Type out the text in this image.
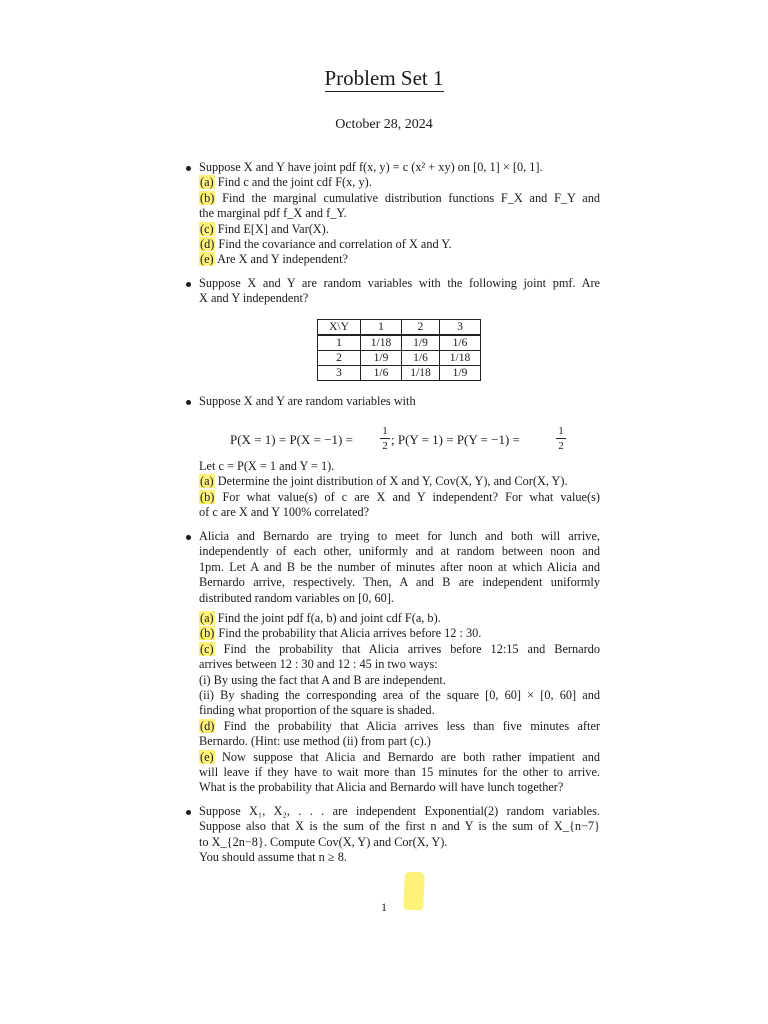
Problem Set 1
October 28, 2024
Suppose X and Y have joint pdf f(x, y) = c (x² + xy) on [0, 1] × [0, 1].
(a) Find c and the joint cdf F(x, y).
(b) Find the marginal cumulative distribution functions F_X and F_Y and
the marginal pdf f_X and f_Y.
(c) Find E[X] and Var(X).
(d) Find the covariance and correlation of X and Y.
(e) Are X and Y independent?
Suppose X and Y are random variables with the following joint pmf. Are
X and Y independent?
X\Y	1	2	3
1	1/18	1/9	1/6
2	1/9	1/6	1/18
3	1/6	1/18	1/9
Suppose X and Y are random variables with
P(X = 1) = P(X = −1) =
1
2 ; P(Y = 1) = P(Y = −1) =
1
2
Let c = P(X = 1 and Y = 1).
(a) Determine the joint distribution of X and Y, Cov(X, Y), and Cor(X, Y).
(b) For what value(s) of c are X and Y independent? For what value(s)
of c are X and Y 100% correlated?
Alicia and Bernardo are trying to meet for lunch and both will arrive,
independently of each other, uniformly and at random between noon and
1pm. Let A and B be the number of minutes after noon at which Alicia and
Bernardo arrive, respectively. Then, A and B are independent uniformly
distributed random variables on [0, 60].
(a) Find the joint pdf f(a, b) and joint cdf F(a, b).
(b) Find the probability that Alicia arrives before 12 : 30.
(c) Find the probability that Alicia arrives before 12:15 and Bernardo
arrives between 12 : 30 and 12 : 45 in two ways:
(i) By using the fact that A and B are independent.
(ii) By shading the corresponding area of the square [0, 60] × [0, 60] and
finding what proportion of the square is shaded.
(d) Find the probability that Alicia arrives less than five minutes after
Bernardo. (Hint: use method (ii) from part (c).)
(e) Now suppose that Alicia and Bernardo are both rather impatient and
will leave if they have to wait more than 15 minutes for the other to arrive.
What is the probability that Alicia and Bernardo will have lunch together?
Suppose X₁, X₂, . . . are independent Exponential(2) random variables.
Suppose also that X is the sum of the first n and Y is the sum of X_{n−7}
to X_{2n−8}. Compute Cov(X, Y) and Cor(X, Y).
You should assume that n ≥ 8.
1
